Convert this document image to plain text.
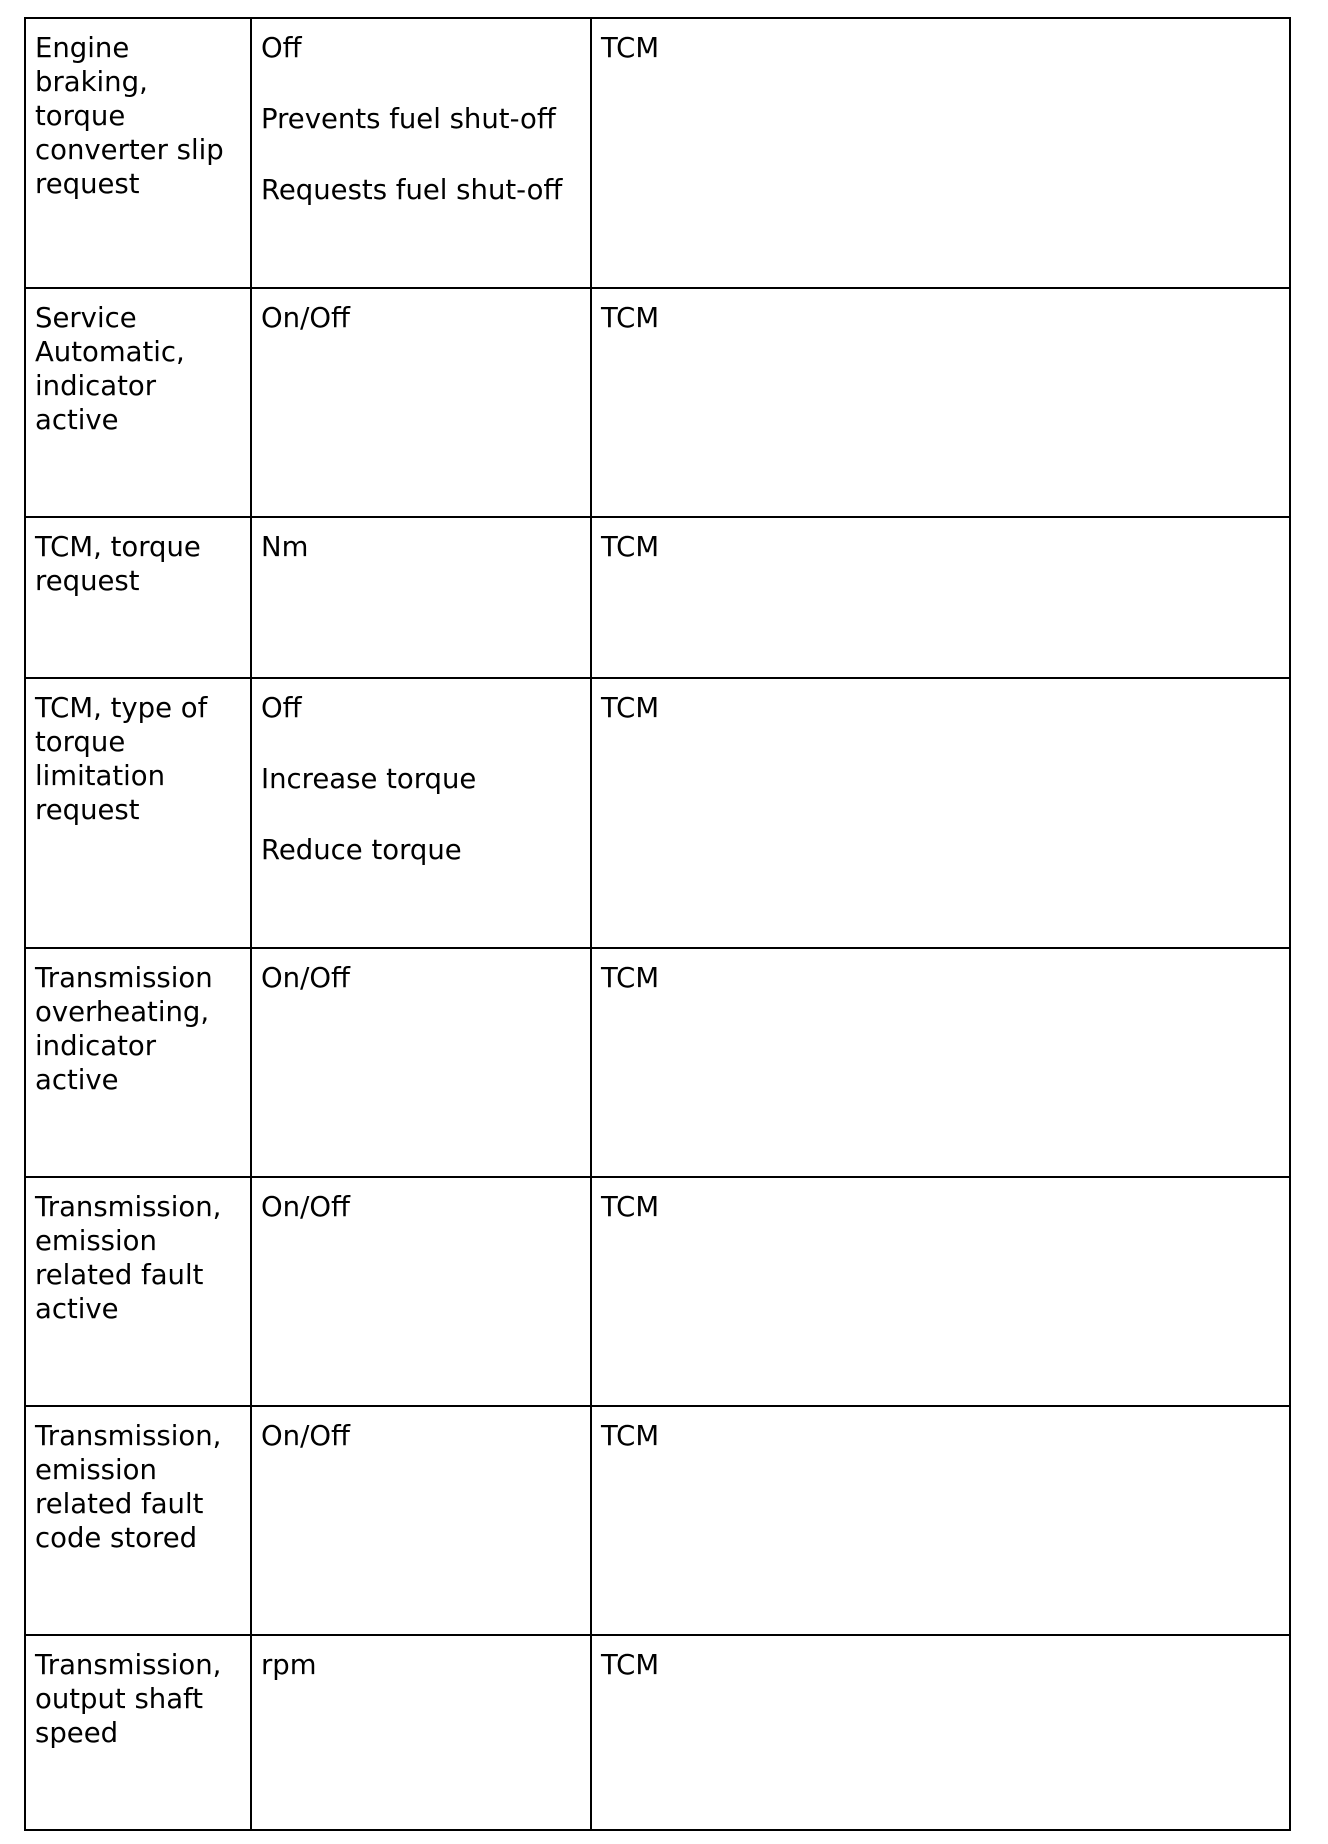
Engine braking, torque converter slip request	Off

Prevents fuel shut-off

Requests fuel shut-off	TCM
Service Automatic, indicator active	On/Off	TCM
TCM, torque request	Nm	TCM
TCM, type of torque limitation request	Off

Increase torque

Reduce torque	TCM
Transmission overheating, indicator active	On/Off	TCM
Transmission, emission related fault active	On/Off	TCM
Transmission, emission related fault code stored	On/Off	TCM
Transmission, output shaft speed	rpm	TCM
